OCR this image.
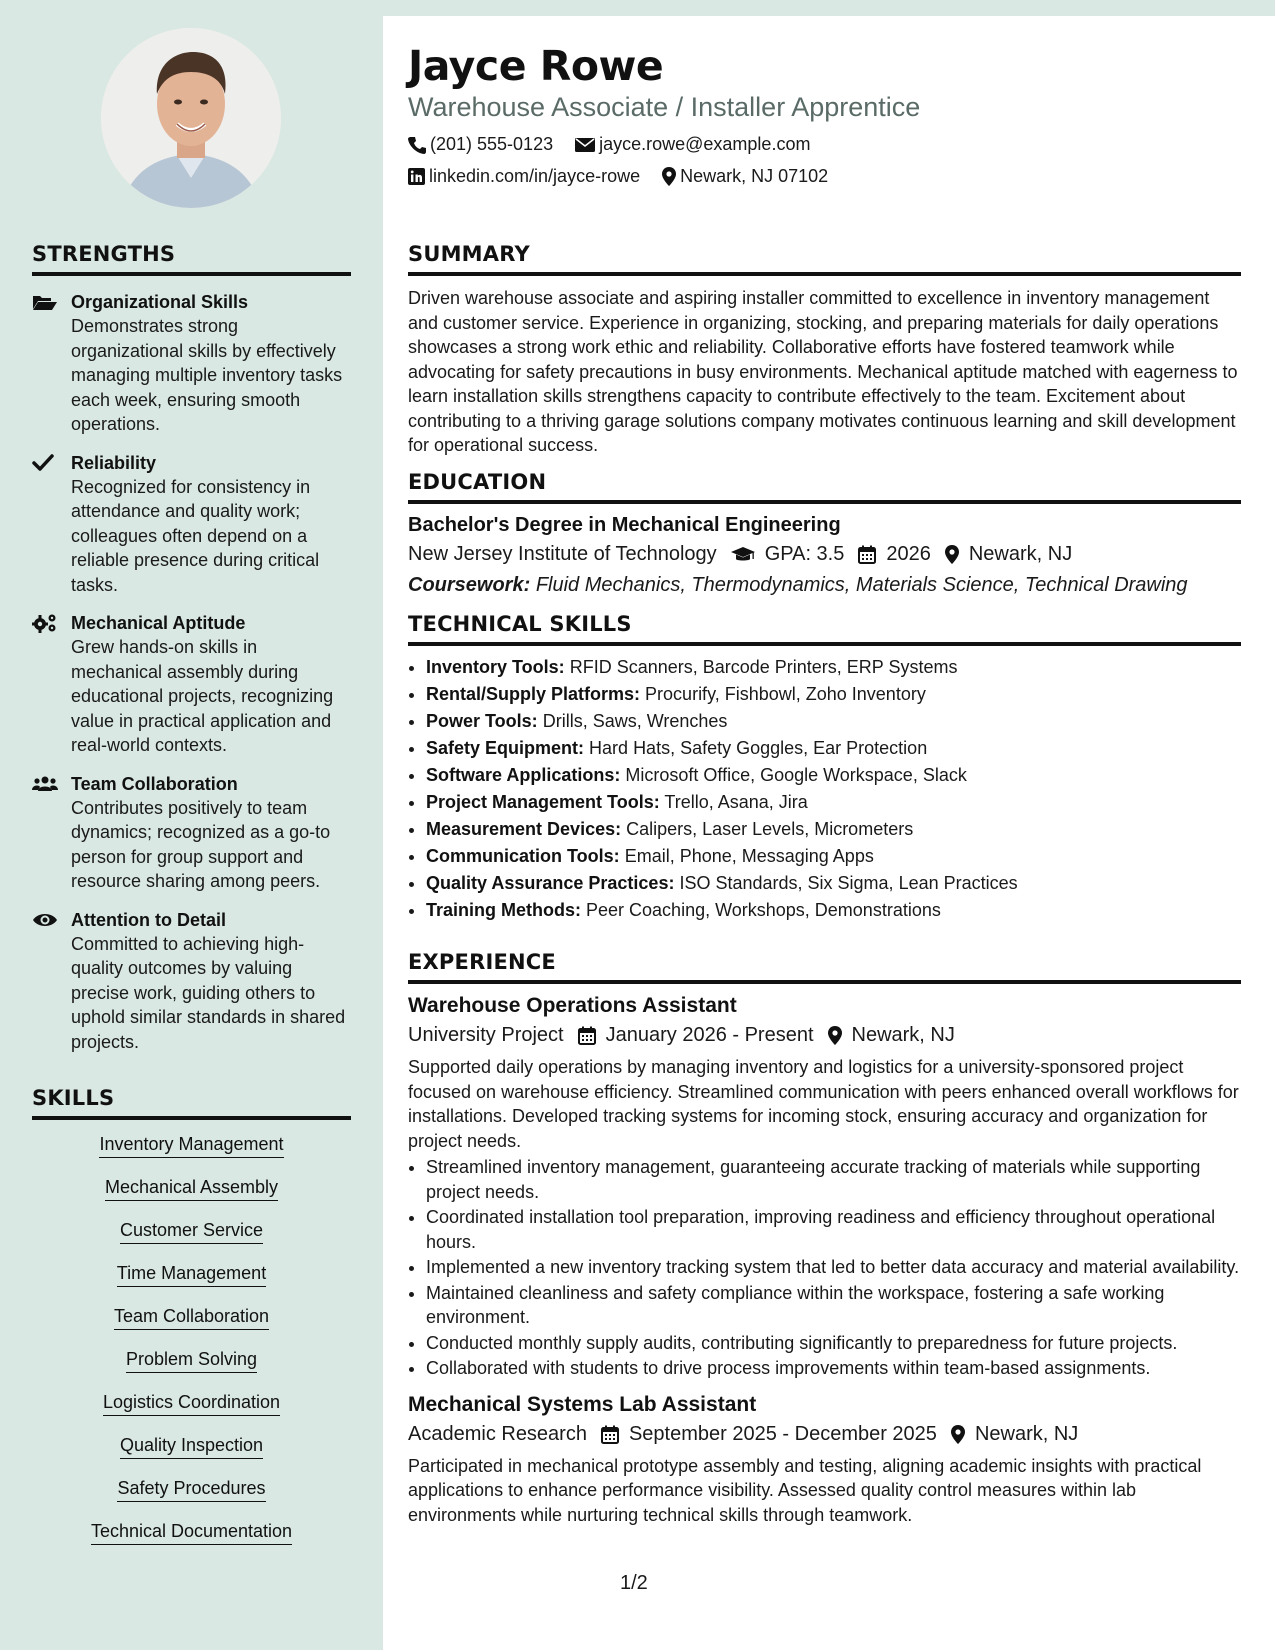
STRENGTHS
Organizational Skills
Demonstrates strong organizational skills by effectively managing multiple inventory tasks each week, ensuring smooth operations.
Reliability
Recognized for consistency in attendance and quality work; colleagues often depend on a reliable presence during critical tasks.
Mechanical Aptitude
Grew hands-on skills in mechanical assembly during educational projects, recognizing value in practical application and real-world contexts.
Team Collaboration
Contributes positively to team dynamics; recognized as a go-to person for group support and resource sharing among peers.
Attention to Detail
Committed to achieving high-quality outcomes by valuing precise work, guiding others to uphold similar standards in shared projects.
SKILLS
Inventory Management
Mechanical Assembly
Customer Service
Time Management
Team Collaboration
Problem Solving
Logistics Coordination
Quality Inspection
Safety Procedures
Technical Documentation
Jayce Rowe
Warehouse Associate / Installer Apprentice
(201) 555-0123	jayce.rowe@example.com
linkedin.com/in/jayce-rowe Newark, NJ 07102
SUMMARY

Driven warehouse associate and aspiring installer committed to excellence in inventory management and customer service. Experience in organizing, stocking, and preparing materials for daily operations showcases a strong work ethic and reliability. Collaborative efforts have fostered teamwork while advocating for safety precautions in busy environments. Mechanical aptitude matched with eagerness to learn installation skills strengthens capacity to contribute effectively to the team. Excitement about contributing to a thriving garage solutions company motivates continuous learning and skill development for operational success.

EDUCATION
Bachelor's Degree in Mechanical Engineering
New Jersey Institute of Technology GPA: 3.5 2026 Newark, NJ
Coursework: Fluid Mechanics, Thermodynamics, Materials Science, Technical Drawing
TECHNICAL SKILLS
• Inventory Tools: RFID Scanners, Barcode Printers, ERP Systems
• Rental/Supply Platforms: Procurify, Fishbowl, Zoho Inventory
• Power Tools: Drills, Saws, Wrenches
• Safety Equipment: Hard Hats, Safety Goggles, Ear Protection
• Software Applications: Microsoft Office, Google Workspace, Slack
• Project Management Tools: Trello, Asana, Jira
• Measurement Devices: Calipers, Laser Levels, Micrometers
• Communication Tools: Email, Phone, Messaging Apps
• Quality Assurance Practices: ISO Standards, Six Sigma, Lean Practices
• Training Methods: Peer Coaching, Workshops, Demonstrations
EXPERIENCE
Warehouse Operations Assistant
University Project January 2026 - Present Newark, NJ

Supported daily operations by managing inventory and logistics for a university-sponsored project focused on warehouse efficiency. Streamlined communication with peers enhanced overall workflows for installations. Developed tracking systems for incoming stock, ensuring accuracy and organization for project needs.

• Streamlined inventory management, guaranteeing accurate tracking of materials while supporting project needs.
• Coordinated installation tool preparation, improving readiness and efficiency throughout operational hours.
• Implemented a new inventory tracking system that led to better data accuracy and material availability.
• Maintained cleanliness and safety compliance within the workspace, fostering a safe working environment.
• Conducted monthly supply audits, contributing significantly to preparedness for future projects.
• Collaborated with students to drive process improvements within team-based assignments.
Mechanical Systems Lab Assistant
Academic Research September 2025 - December 2025 Newark, NJ

Participated in mechanical prototype assembly and testing, aligning academic insights with practical applications to enhance performance visibility. Assessed quality control measures within lab environments while nurturing technical skills through teamwork.

1/2
